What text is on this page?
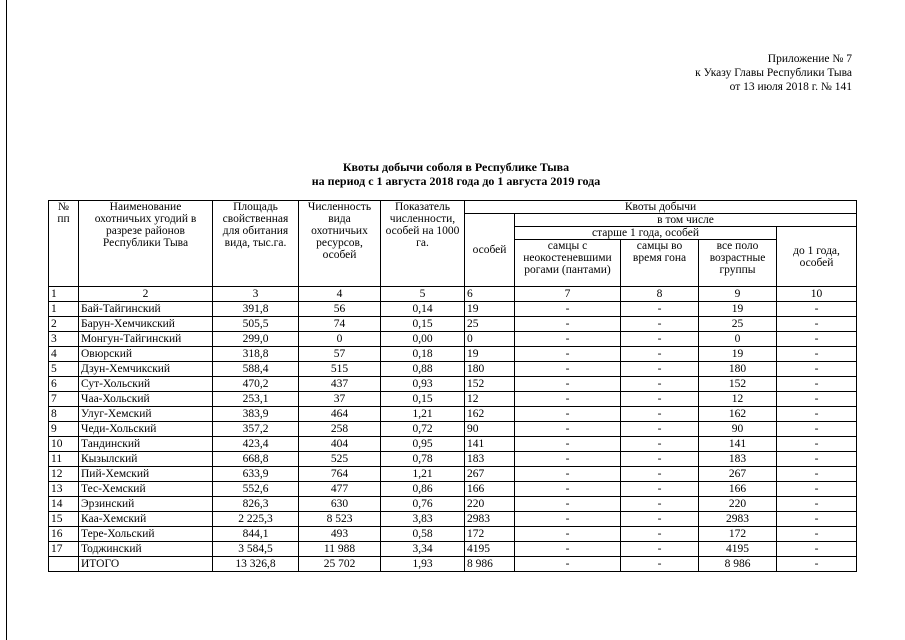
Приложение № 7
к Указу Главы Республики Тыва
от 13 июля 2018 г. № 141
Квоты добычи соболя в Республике Тыва
на период с 1 августа 2018 года до 1 августа 2019 года
№ пп	Наименование охотничьих угодий в разрезе районов Республики Тыва	Площадь свойственная для обитания вида, тыс.га.	Численность вида охотничьих ресурсов, особей	Показатель численности, особей на 1000 га.	Квоты добычи				
					особей	в том числе			
						старше 1 года, особей			до 1 года, особей
						самцы с неокостеневшими рогами (пантами)	самцы во время гона	все поло возрастные группы	
1	2	3	4	5	6	7	8	9	10
1	Бай-Тайгинский	391,8	56	0,14	19	-	-	19	-
2	Барун-Хемчикский	505,5	74	0,15	25	-	-	25	-
3	Монгун-Тайгинский	299,0	0	0,00	0	-	-	0	-
4	Овюрский	318,8	57	0,18	19	-	-	19	-
5	Дзун-Хемчикский	588,4	515	0,88	180	-	-	180	-
6	Сут-Хольский	470,2	437	0,93	152	-	-	152	-
7	Чаа-Хольский	253,1	37	0,15	12	-	-	12	-
8	Улуг-Хемский	383,9	464	1,21	162	-	-	162	-
9	Чеди-Хольский	357,2	258	0,72	90	-	-	90	-
10	Тандинский	423,4	404	0,95	141	-	-	141	-
11	Кызылский	668,8	525	0,78	183	-	-	183	-
12	Пий-Хемский	633,9	764	1,21	267	-	-	267	-
13	Тес-Хемский	552,6	477	0,86	166	-	-	166	-
14	Эрзинский	826,3	630	0,76	220	-	-	220	-
15	Каа-Хемский	2 225,3	8 523	3,83	2983	-	-	2983	-
16	Тере-Хольский	844,1	493	0,58	172	-	-	172	-
17	Тоджинский	3 584,5	11 988	3,34	4195	-	-	4195	-
	ИТОГО	13 326,8	25 702	1,93	8 986	-	-	8 986	-
